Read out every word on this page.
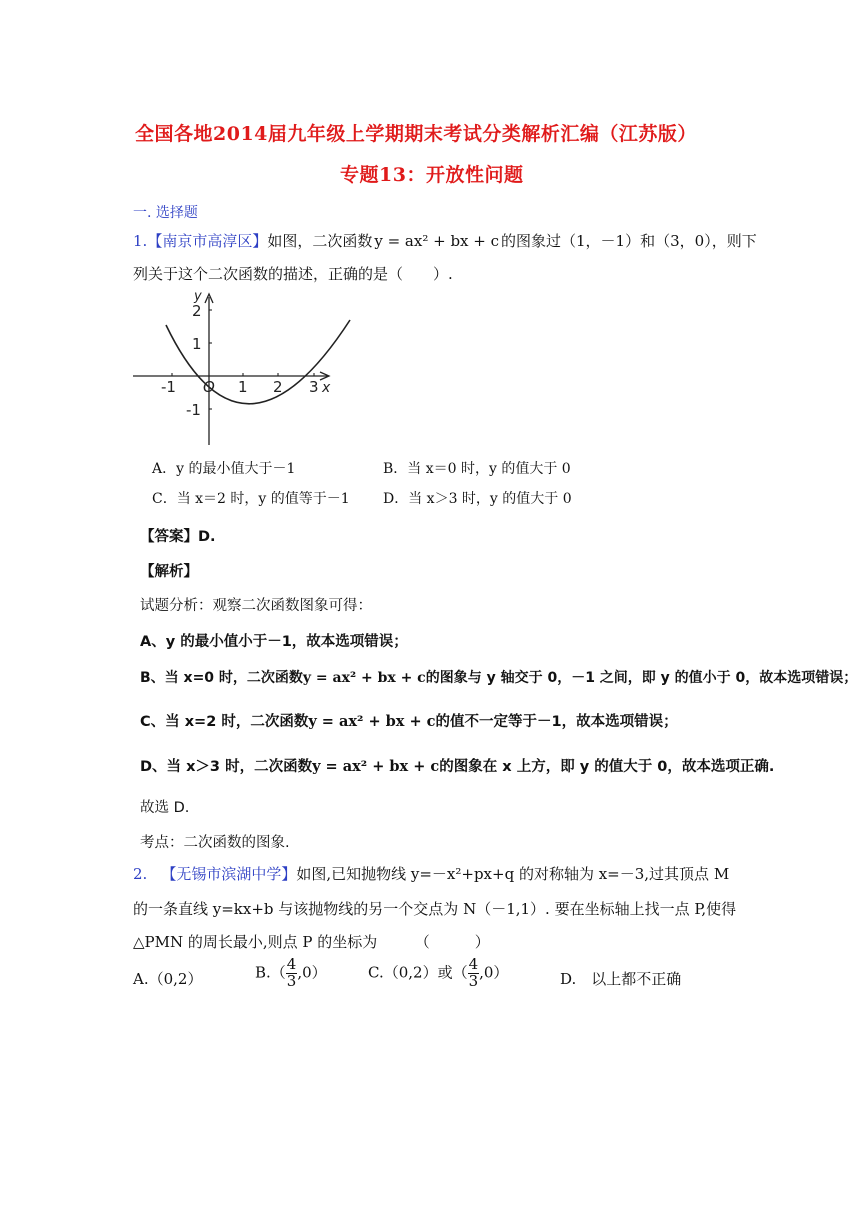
全国各地2014届九年级上学期期末考试分类解析汇编（江苏版）
专题13：开放性问题
一. 选择题
1.【南京市高淳区】如图，二次函数 y = ax² + bx + c 的图象过（1，－1）和（3，0），则下
列关于这个二次函数的描述，正确的是（　　）.
y
2
1
-1
-1 O 1 2 3 x
A．y 的最小值大于－1	B．当 x＝0 时，y 的值大于 0
C．当 x＝2 时，y 的值等于－1 D．当 x＞3 时，y 的值大于 0
【答案】D.
【解析】
试题分析：观察二次函数图象可得：
A、y 的最小值小于－1，故本选项错误；
B、当 x=0 时，二次函数y = ax² + bx + c的图象与 y 轴交于 0，－1 之间，即 y 的值小于 0，故本选项错误；
C、当 x=2 时，二次函数y = ax² + bx + c的值不一定等于－1，故本选项错误；
D、当 x＞3 时，二次函数y = ax² + bx + c的图象在 x 上方，即 y 的值大于 0，故本选项正确.
故选 D.
考点：二次函数的图象.
2. 【无锡市滨湖中学】如图,已知抛物线 y=－x²+px+q 的对称轴为 x=－3,过其顶点 M
的一条直线 y=kx+b 与该抛物线的另一个交点为 N（－1,1）. 要在坐标轴上找一点 P,使得
△PMN 的周长最小,则点 P 的坐标为　　　（　　　）
A.（0,2）	$B.( \frac{4}{3} ,0)$	C.（0,2）或（ $\frac{4}{3} ,0$）	D.　以上都不正确
